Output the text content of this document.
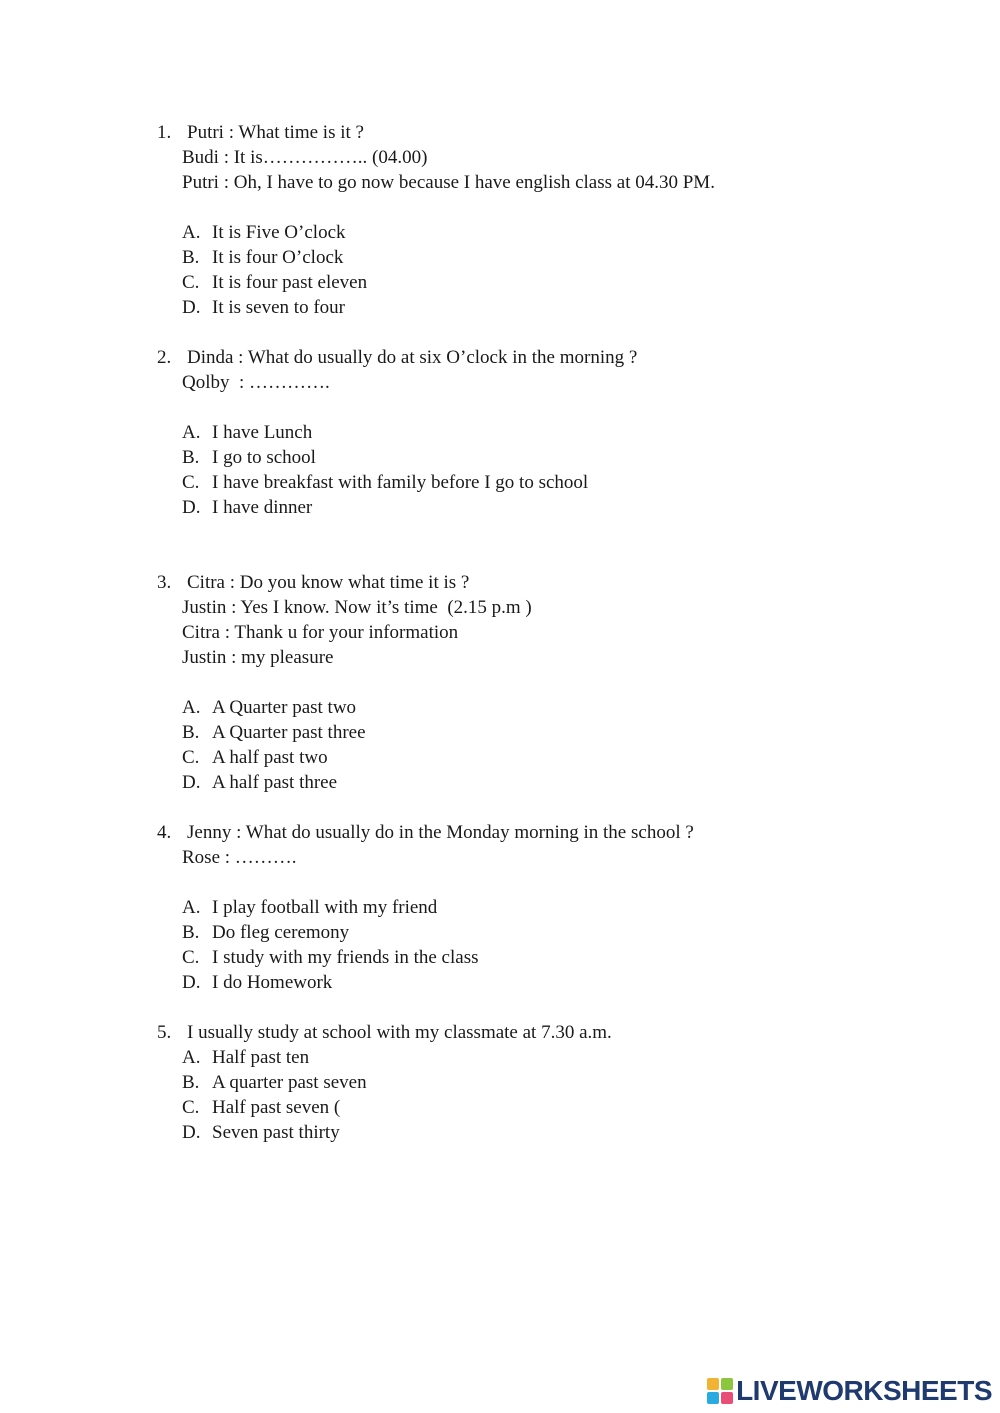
1. Putri : What time is it ?
Budi : It is…………….. (04.00)
Putri : Oh, I have to go now because I have english class at 04.30 PM.
A. It is Five O’clock
B. It is four O’clock
C. It is four past eleven
D. It is seven to four
2. Dinda : What do usually do at six O’clock in the morning ?
Qolby  : ………….
A. I have Lunch
B. I go to school
C. I have breakfast with family before I go to school
D. I have dinner
3. Citra : Do you know what time it is ?
Justin : Yes I know. Now it’s time  (2.15 p.m )
Citra : Thank u for your information
Justin : my pleasure
A. A Quarter past two
B. A Quarter past three
C. A half past two
D. A half past three
4. Jenny : What do usually do in the Monday morning in the school ?
Rose : ……….
A. I play football with my friend
B. Do fleg ceremony
C. I study with my friends in the class
D. I do Homework
5. I usually study at school with my classmate at 7.30 a.m.
A. Half past ten
B. A quarter past seven
C. Half past seven (
D. Seven past thirty
LIVEWORKSHEETS
